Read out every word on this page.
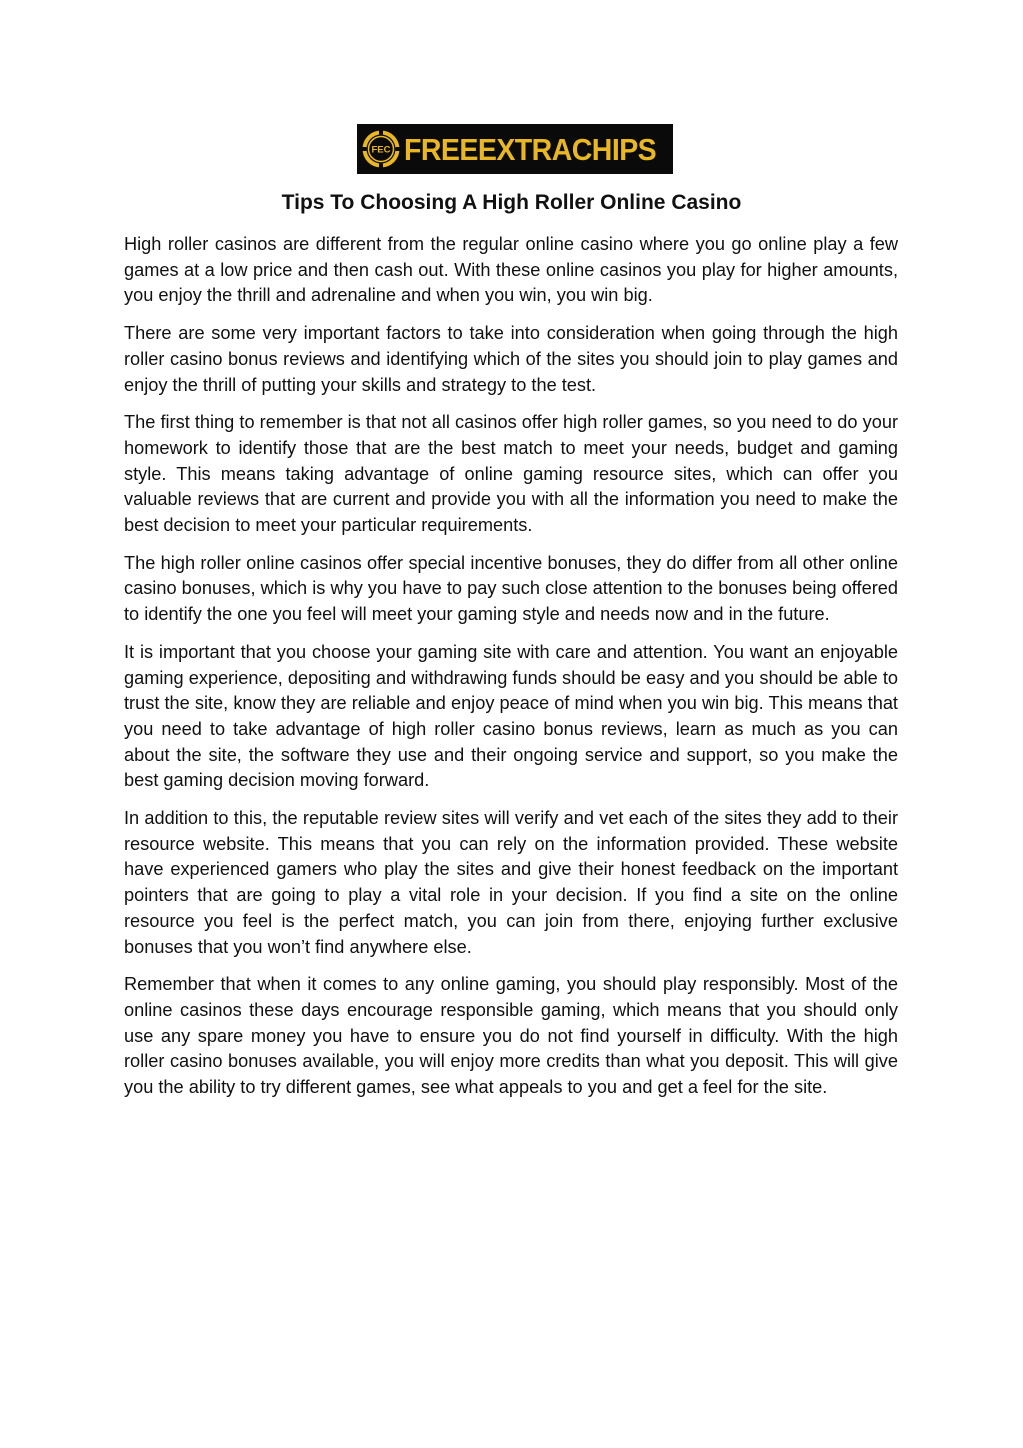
FEC FREEEXTRACHIPS
Tips To Choosing A High Roller Online Casino

High roller casinos are different from the regular online casino where you go online play a few games at a low price and then cash out. With these online casinos you play for higher amounts, you enjoy the thrill and adrenaline and when you win, you win big.

There are some very important factors to take into consideration when going through the high roller casino bonus reviews and identifying which of the sites you should join to play games and enjoy the thrill of putting your skills and strategy to the test.

The first thing to remember is that not all casinos offer high roller games, so you need to do your homework to identify those that are the best match to meet your needs, budget and gaming style. This means taking advantage of online gaming resource sites, which can offer you valuable reviews that are current and provide you with all the information you need to make the best decision to meet your particular requirements.

The high roller online casinos offer special incentive bonuses, they do differ from all other online casino bonuses, which is why you have to pay such close attention to the bonuses being offered to identify the one you feel will meet your gaming style and needs now and in the future.

It is important that you choose your gaming site with care and attention. You want an enjoyable gaming experience, depositing and withdrawing funds should be easy and you should be able to trust the site, know they are reliable and enjoy peace of mind when you win big. This means that you need to take advantage of high roller casino bonus reviews, learn as much as you can about the site, the software they use and their ongoing service and support, so you make the best gaming decision moving forward.

In addition to this, the reputable review sites will verify and vet each of the sites they add to their resource website. This means that you can rely on the information provided. These website have experienced gamers who play the sites and give their honest feedback on the important pointers that are going to play a vital role in your decision. If you find a site on the online resource you feel is the perfect match, you can join from there, enjoying further exclusive bonuses that you won’t find anywhere else.

Remember that when it comes to any online gaming, you should play responsibly. Most of the online casinos these days encourage responsible gaming, which means that you should only use any spare money you have to ensure you do not find yourself in difficulty. With the high roller casino bonuses available, you will enjoy more credits than what you deposit. This will give you the ability to try different games, see what appeals to you and get a feel for the site.
